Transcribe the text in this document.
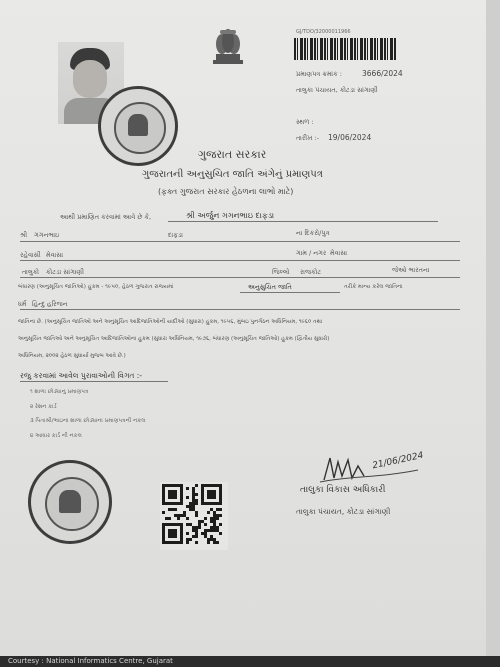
GJ/TDO/32000011966
પ્રમાણપત્ર ક્રમાંક :	3666/2024
તાલુકા પંચાયત, કોટડા સાંગાણી
સ્થળ :
તારીખ :- 19/06/2024
ગુજરાત સરકાર
ગુજરાતની અનુસુચિત જાતિ અંગેનું પ્રમાણપત્ર
(ફક્ત ગુજરાત સરકાર હેઠળના લાભો માટે)
આથી પ્રમાણિત કરવામાં આવે છે કે,	શ્રી અર્જુન ગગનભાઇ દાફડા
શ્રી ગગનભાઇ	દાફડા	ના દિકરો/પુત્ર
રહેવાસી મેવાસા	ગામ / નગર મેવાસા
તાલુકો કોટડા સાંગાણી	જિલ્લો રાજકોટ	જેઓ ભારતના
બંધારણ (અનુસૂચિત જાતિઓ) હુકમ - ૧૯૫૦, હેઠળ ગુજરાત રાજ્યમાં	અનુસુચિત જાતિ	તરીકે માન્ય કરેલ જાતિના
ધર્મ હિન્દુ હરિજન
જાતિના છે. (અનુસૂચિત જાતિઓ અને અનુસૂચિત આદિજાતિઓની યાદીઓ (સુધારા) હુકમ, ૧૯૫૬, મુંબઇ પુનર્ગઠન અધિનિયમ, ૧૯૬૦ તથા
અનુસૂચિત જાતિઓ અને અનુસૂચિત આદિજાતિઓના હુકમ (સુધારા અધિનિયમ, ૧૯૭૬, બંધારણ (અનુસૂચિત જાતિઓ) હુકમ (દ્વિતીય સુધારો)
અધિનિયમ, ૨૦૦૨ હેઠળ સુધાર્યા મુજબ આવે છે.)
રજુ કરવામાં આવેલ પુરાવાઓની વિગત :-
૧ શાળા છોડ્યાનુ પ્રમાણપત્ર
૨ રેશન કાર્ડ
૩ પિતાશ્રી/ભાઇના શાળા છોડ્યાના પ્રમાણપત્રની નકલ
૪ આધાર કાર્ડ ની નકલ
21/06/2024
તાલુકા વિકાસ અધિકારી
તાલુકા પંચાયત, કોટડા સાંગાણી
Courtesy : National Informatics Centre, Gujarat
